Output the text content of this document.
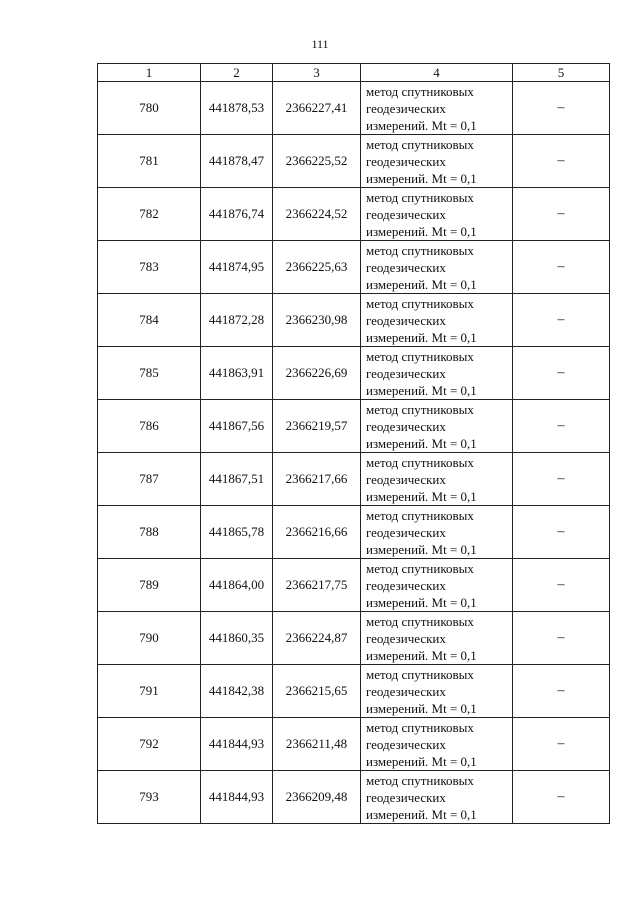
111
1	2	3	4	5
780	441878,53	2366227,41	метод спутниковых
геодезических
измерений. Mt = 0,1	–
781	441878,47	2366225,52	метод спутниковых
геодезических
измерений. Mt = 0,1	–
782	441876,74	2366224,52	метод спутниковых
геодезических
измерений. Mt = 0,1	–
783	441874,95	2366225,63	метод спутниковых
геодезических
измерений. Mt = 0,1	–
784	441872,28	2366230,98	метод спутниковых
геодезических
измерений. Mt = 0,1	–
785	441863,91	2366226,69	метод спутниковых
геодезических
измерений. Mt = 0,1	–
786	441867,56	2366219,57	метод спутниковых
геодезических
измерений. Mt = 0,1	–
787	441867,51	2366217,66	метод спутниковых
геодезических
измерений. Mt = 0,1	–
788	441865,78	2366216,66	метод спутниковых
геодезических
измерений. Mt = 0,1	–
789	441864,00	2366217,75	метод спутниковых
геодезических
измерений. Mt = 0,1	–
790	441860,35	2366224,87	метод спутниковых
геодезических
измерений. Mt = 0,1	–
791	441842,38	2366215,65	метод спутниковых
геодезических
измерений. Mt = 0,1	–
792	441844,93	2366211,48	метод спутниковых
геодезических
измерений. Mt = 0,1	–
793	441844,93	2366209,48	метод спутниковых
геодезических
измерений. Mt = 0,1	–
